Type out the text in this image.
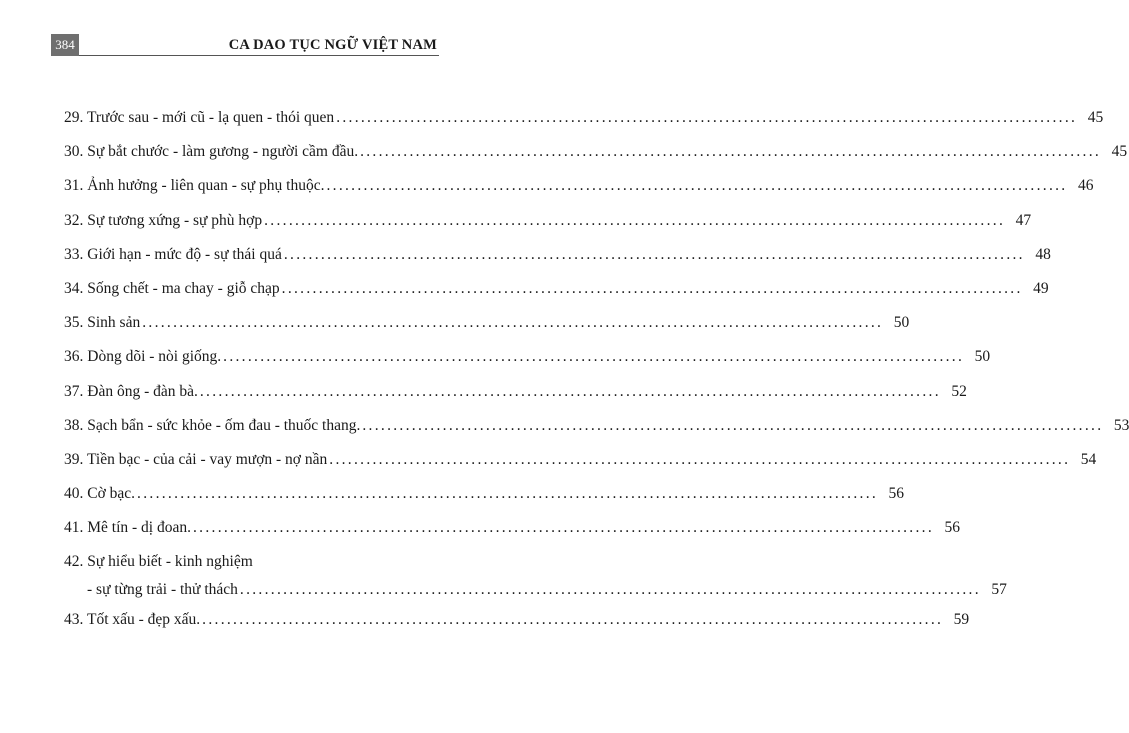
384	CA DAO TỤC NGỮ VIỆT NAM
29. Trước sau - mới cũ - lạ quen - thói quen ........................................................................................................................ 45
30. Sự bắt chước - làm gương - người cầm đầu. ........................................................................................................................ 45
31. Ảnh hưởng - liên quan - sự phụ thuộc. ........................................................................................................................ 46
32. Sự tương xứng - sự phù hợp ........................................................................................................................ 47
33. Giới hạn - mức độ - sự thái quá ........................................................................................................................ 48
34. Sống chết - ma chay - giỗ chạp ........................................................................................................................ 49
35. Sinh sản ........................................................................................................................ 50
36. Dòng dõi - nòi giống. ........................................................................................................................ 50
37. Đàn ông - đàn bà. ........................................................................................................................ 52
38. Sạch bẩn - sức khỏe - ốm đau - thuốc thang. ........................................................................................................................ 53
39. Tiền bạc - của cải - vay mượn - nợ nần ........................................................................................................................ 54
40. Cờ bạc. ........................................................................................................................ 56
41. Mê tín - dị đoan. ........................................................................................................................ 56
42. Sự hiểu biết - kinh nghiệm
- sự từng trải - thử thách ........................................................................................................................ 57
43. Tốt xấu - đẹp xấu. ........................................................................................................................ 59
